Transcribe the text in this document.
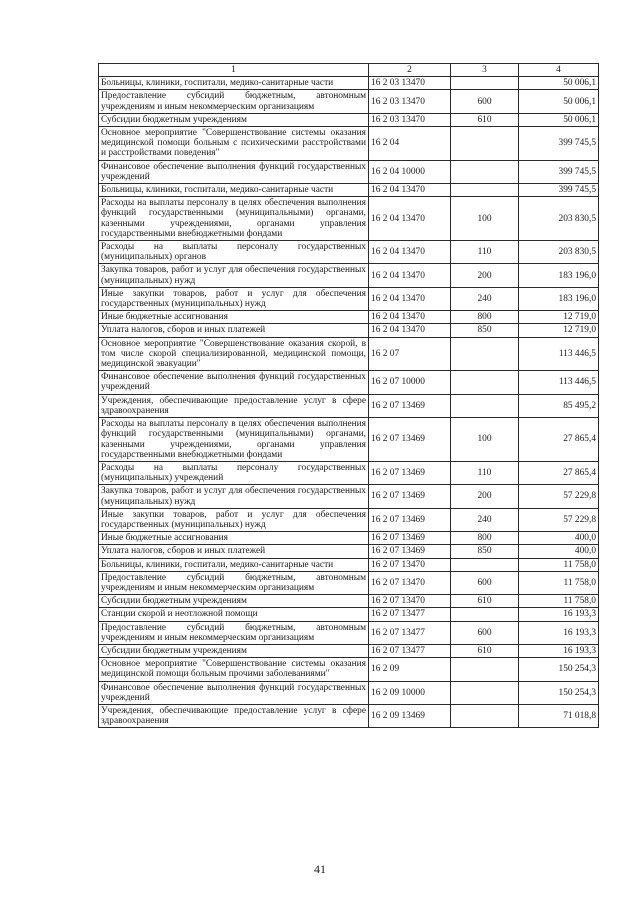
1	2	3	4
Больницы, клиники, госпитали, медико-санитарные части	16 2 03 13470		50 006,1
Предоставление субсидий бюджетным, автономным учреждениям и иным некоммерческим организациям	16 2 03 13470	600	50 006,1
Субсидии бюджетным учреждениям	16 2 03 13470	610	50 006,1
Основное мероприятие "Совершенствование системы оказания медицинской помощи больным с психическими расстройствами и расстройствами поведения"	16 2 04		399 745,5
Финансовое обеспечение выполнения функций государственных учреждений	16 2 04 10000		399 745,5
Больницы, клиники, госпитали, медико-санитарные части	16 2 04 13470		399 745,5
Расходы на выплаты персоналу в целях обеспечения выполнения функций государственными (муниципальными) органами, казенными учреждениями, органами управления государственными внебюджетными фондами	16 2 04 13470	100	203 830,5
Расходы на выплаты персоналу государственных (муниципальных) органов	16 2 04 13470	110	203 830,5
Закупка товаров, работ и услуг для обеспечения государственных (муниципальных) нужд	16 2 04 13470	200	183 196,0
Иные закупки товаров, работ и услуг для обеспечения государственных (муниципальных) нужд	16 2 04 13470	240	183 196,0
Иные бюджетные ассигнования	16 2 04 13470	800	12 719,0
Уплата налогов, сборов и иных платежей	16 2 04 13470	850	12 719,0
Основное мероприятие "Совершенствование оказания скорой, в том числе скорой специализированной, медицинской помощи, медицинской эвакуации"	16 2 07		113 446,5
Финансовое обеспечение выполнения функций государственных учреждений	16 2 07 10000		113 446,5
Учреждения, обеспечивающие предоставление услуг в сфере здравоохранения	16 2 07 13469		85 495,2
Расходы на выплаты персоналу в целях обеспечения выполнения функций государственными (муниципальными) органами, казенными учреждениями, органами управления государственными внебюджетными фондами	16 2 07 13469	100	27 865,4
Расходы на выплаты персоналу государственных (муниципальных) учреждений	16 2 07 13469	110	27 865,4
Закупка товаров, работ и услуг для обеспечения государственных (муниципальных) нужд	16 2 07 13469	200	57 229,8
Иные закупки товаров, работ и услуг для обеспечения государственных (муниципальных) нужд	16 2 07 13469	240	57 229,8
Иные бюджетные ассигнования	16 2 07 13469	800	400,0
Уплата налогов, сборов и иных платежей	16 2 07 13469	850	400,0
Больницы, клиники, госпитали, медико-санитарные части	16 2 07 13470		11 758,0
Предоставление субсидий бюджетным, автономным учреждениям и иным некоммерческим организациям	16 2 07 13470	600	11 758,0
Субсидии бюджетным учреждениям	16 2 07 13470	610	11 758,0
Станции скорой и неотложной помощи	16 2 07 13477		16 193,3
Предоставление субсидий бюджетным, автономным учреждениям и иным некоммерческим организациям	16 2 07 13477	600	16 193,3
Субсидии бюджетным учреждениям	16 2 07 13477	610	16 193,3
Основное мероприятие "Совершенствование системы оказания медицинской помощи больным прочими заболеваниями"	16 2 09		150 254,3
Финансовое обеспечение выполнения функций государственных учреждений	16 2 09 10000		150 254,3
Учреждения, обеспечивающие предоставление услуг в сфере здравоохранения	16 2 09 13469		71 018,8
41
